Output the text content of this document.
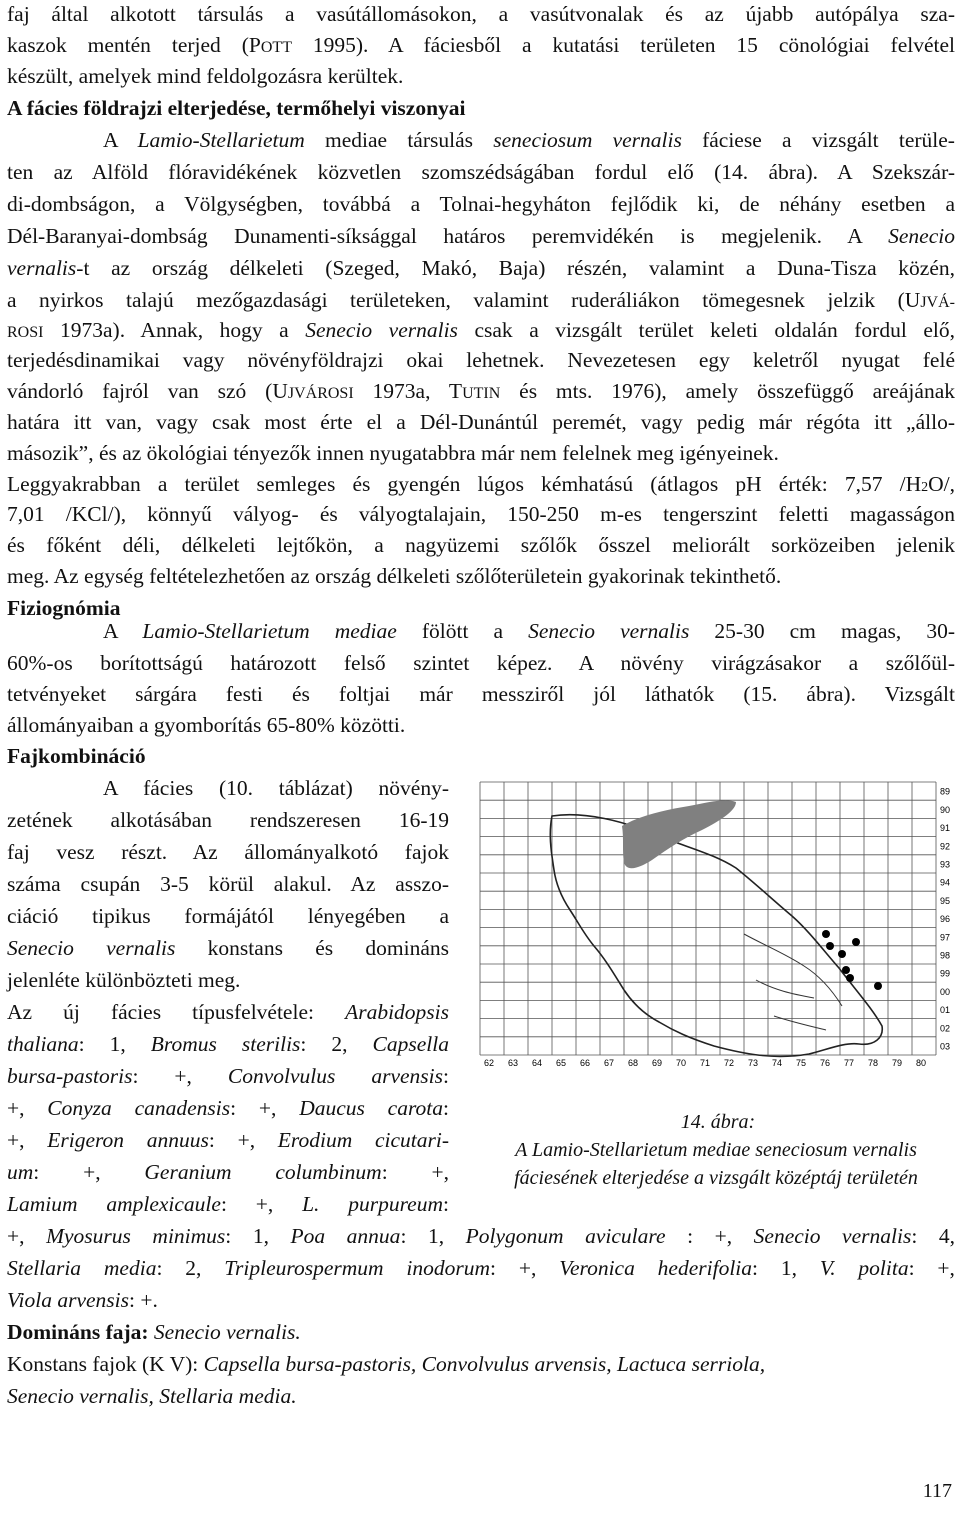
faj által alkotott társulás a vasútállomásokon, a vasútvonalak és az újabb autópálya sza-
kaszok mentén terjed (POTT 1995). A fáciesből a kutatási területen 15 cönológiai felvétel
készült, amelyek mind feldolgozásra kerültek.
A fácies földrajzi elterjedése, termőhelyi viszonyai
A Lamio-Stellarietum mediae társulás seneciosum vernalis fáciese a vizsgált terüle-
ten az Alföld flóravidékének közvetlen szomszédságában fordul elő (14. ábra). A Szekszár-
di-dombságon, a Völgységben, továbbá a Tolnai-hegyháton fejlődik ki, de néhány esetben a
Dél-Baranyai-dombság Dunamenti-síksággal határos peremvidékén is megjelenik. A Senecio
vernalis-t az ország délkeleti (Szeged, Makó, Baja) részén, valamint a Duna-Tisza közén,
a nyirkos talajú mezőgazdasági területeken, valamint ruderáliákon tömegesnek jelzik (UJVÁ-
ROSI 1973a). Annak, hogy a Senecio vernalis csak a vizsgált terület keleti oldalán fordul elő,
terjedésdinamikai vagy növényföldrajzi okai lehetnek. Nevezetesen egy keletről nyugat felé
vándorló fajról van szó (UJVÁROSI 1973a, TUTIN és mts. 1976), amely összefüggő areájának
határa itt van, vagy csak most érte el a Dél-Dunántúl peremét, vagy pedig már régóta itt „állo-
másozik”, és az ökológiai tényezők innen nyugatabbra már nem felelnek meg igényeinek.
Leggyakrabban a terület semleges és gyengén lúgos kémhatású (átlagos pH érték: 7,57 /H2O/,
7,01 /KCl/), könnyű vályog- és vályogtalajain, 150-250 m-es tengerszint feletti magasságon
és főként déli, délkeleti lejtőkön, a nagyüzemi szőlők ősszel meliorált sorközeiben jelenik
meg. Az egység feltételezhetően az ország délkeleti szőlőterületein gyakorinak tekinthető.
Fiziognómia
A Lamio-Stellarietum mediae fölött a Senecio vernalis 25-30 cm magas, 30-
60%-os borítottságú határozott felső szintet képez. A növény virágzásakor a szőlőül-
tetvényeket sárgára festi és foltjai már messziről jól láthatók (15. ábra). Vizsgált
állományaiban a gyomborítás 65-80% közötti.
Fajkombináció
A fácies (10. táblázat) növény-
zetének alkotásában rendszeresen 16-19
faj vesz részt. Az állományalkotó fajok
száma csupán 3-5 körül alakul. Az asszo-
ciáció tipikus formájától lényegében a
Senecio vernalis konstans és domináns
jelenléte különbözteti meg.
Az új fácies típusfelvétele: Arabidopsis
thaliana: 1, Bromus sterilis: 2, Capsella
bursa-pastoris: +, Convolvulus arvensis:
+, Conyza canadensis: +, Daucus carota:
+, Erigeron annuus: +, Erodium cicutari-
um: +, Geranium columbinum: +,
Lamium amplexicaule: +, L. purpureum:
+, Myosurus minimus: 1, Poa annua: 1, Polygonum aviculare : +, Senecio vernalis: 4,
Stellaria media: 2, Tripleurospermum inodorum: +, Veronica hederifolia: 1, V. polita: +,
Viola arvensis: +.
Domináns faja: Senecio vernalis.
Konstans fajok (K V): Capsella bursa-pastoris, Convolvulus arvensis, Lactuca serriola,
Senecio vernalis, Stellaria media.
89
90
91
92
93
94
95
96
97
98
99
00
01
02
03
62 63 64 65 66 67 68 69 70 71 72 73 74 75 76 77 78 79 80
14. ábra:
A Lamio-Stellarietum mediae seneciosum vernalis
fáciesének elterjedése a vizsgált középtáj területén
117
